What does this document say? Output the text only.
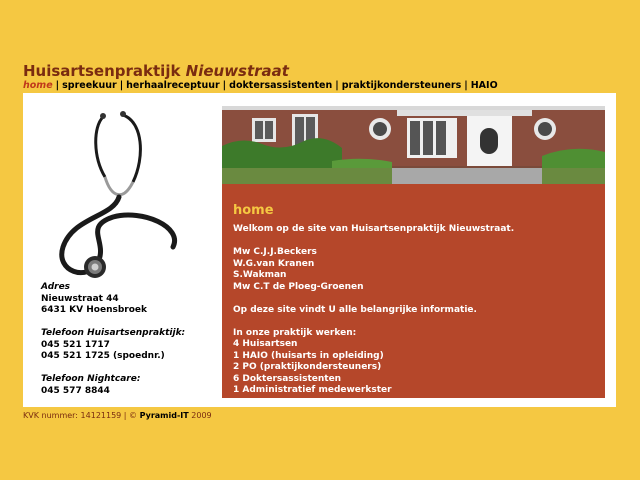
Huisartsenpraktijk Nieuwstraat
home | spreekuur | herhaalreceptuur | doktersassistenten | praktijkondersteuners | HAIO
Adres
Nieuwstraat 44
6431 KV Hoensbroek
Telefoon Huisartsenpraktijk:
045 521 1717
045 521 1725 (spoednr.)
Telefoon Nightcare:
045 577 8844
home
Welkom op de site van Huisartsenpraktijk Nieuwstraat.
Mw C.J.J.Beckers
W.G.van Kranen
S.Wakman
Mw C.T de Ploeg-Groenen
Op deze site vindt U alle belangrijke informatie.
In onze praktijk werken:
4 Huisartsen
1 HAIO (huisarts in opleiding)
2 PO (praktijkondersteuners)
6 Doktersassistenten
1 Administratief medewerkster
KVK nummer: 14121159 | © Pyramid-IT 2009
